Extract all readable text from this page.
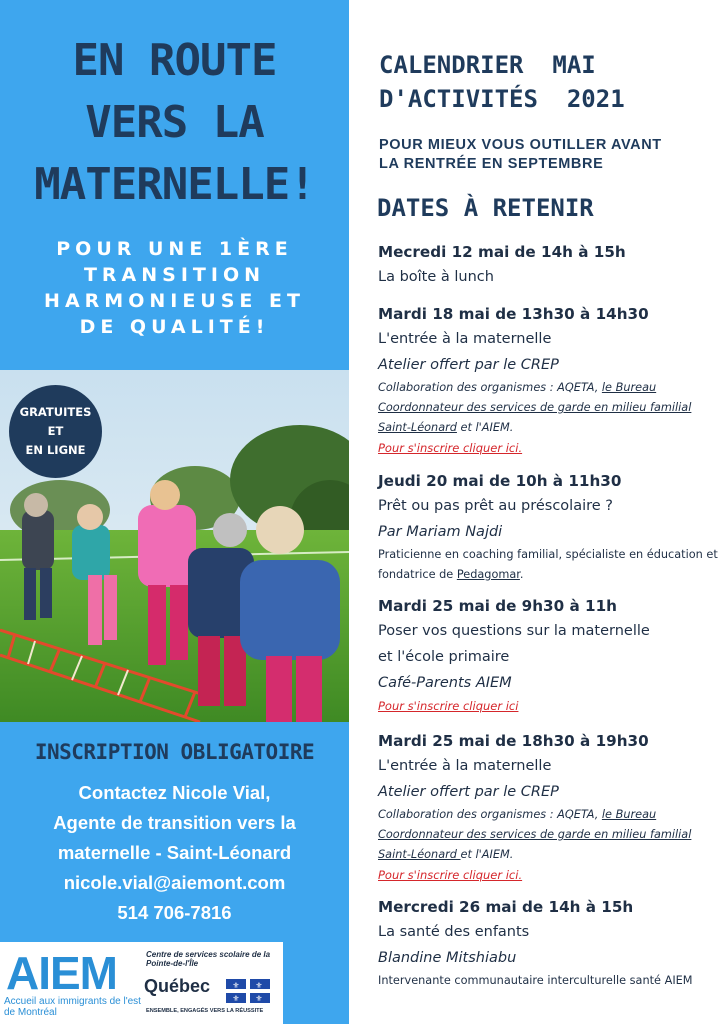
EN ROUTE
VERS LA
MATERNELLE!
POUR UNE 1ÈRE
TRANSITION
HARMONIEUSE ET
DE QUALITÉ!
GRATUITES
ET
EN LIGNE
INSCRIPTION OBLIGATOIRE
Contactez Nicole Vial,
Agente de transition vers la
maternelle - Saint-Léonard
nicole.vial@aiemont.com
514 706-7816
AIEM
Accueil aux immigrants de l'est de Montréal
Centre de services scolaire de la Pointe-de-l'Île
Québec	⚜ ⚜
⚜ ⚜
ENSEMBLE, ENGAGÉS VERS LA RÉUSSITE
CALENDRIER  MAI
D'ACTIVITÉS  2021
POUR MIEUX VOUS OUTILLER AVANT
LA RENTRÉE EN SEPTEMBRE
DATES À RETENIR
Mecredi 12 mai de 14h à 15h
La boîte à lunch
Mardi 18 mai de 13h30 à 14h30
L'entrée à la maternelle
Atelier offert par le CREP
Collaboration des organismes : AQETA, le Bureau Coordonnateur des services de garde en milieu familial Saint-Léonard et l'AIEM.
Pour s'inscrire cliquer ici.
Jeudi 20 mai de 10h à 11h30
Prêt ou pas prêt au préscolaire ?
Par Mariam Najdi
Praticienne en coaching familial, spécialiste en éducation et fondatrice de Pedagomar.
Mardi 25 mai de 9h30 à 11h
Poser vos questions sur la maternelle
et l'école primaire
Café-Parents AIEM
Pour s'inscrire cliquer ici
Mardi 25 mai de 18h30 à 19h30
L'entrée à la maternelle
Atelier offert par le CREP
Collaboration des organismes : AQETA, le Bureau Coordonnateur des services de garde en milieu familial Saint-Léonard et l'AIEM.
Pour s'inscrire cliquer ici.
Mercredi 26 mai de 14h à 15h
La santé des enfants
Blandine Mitshiabu
Intervenante communautaire interculturelle santé AIEM
